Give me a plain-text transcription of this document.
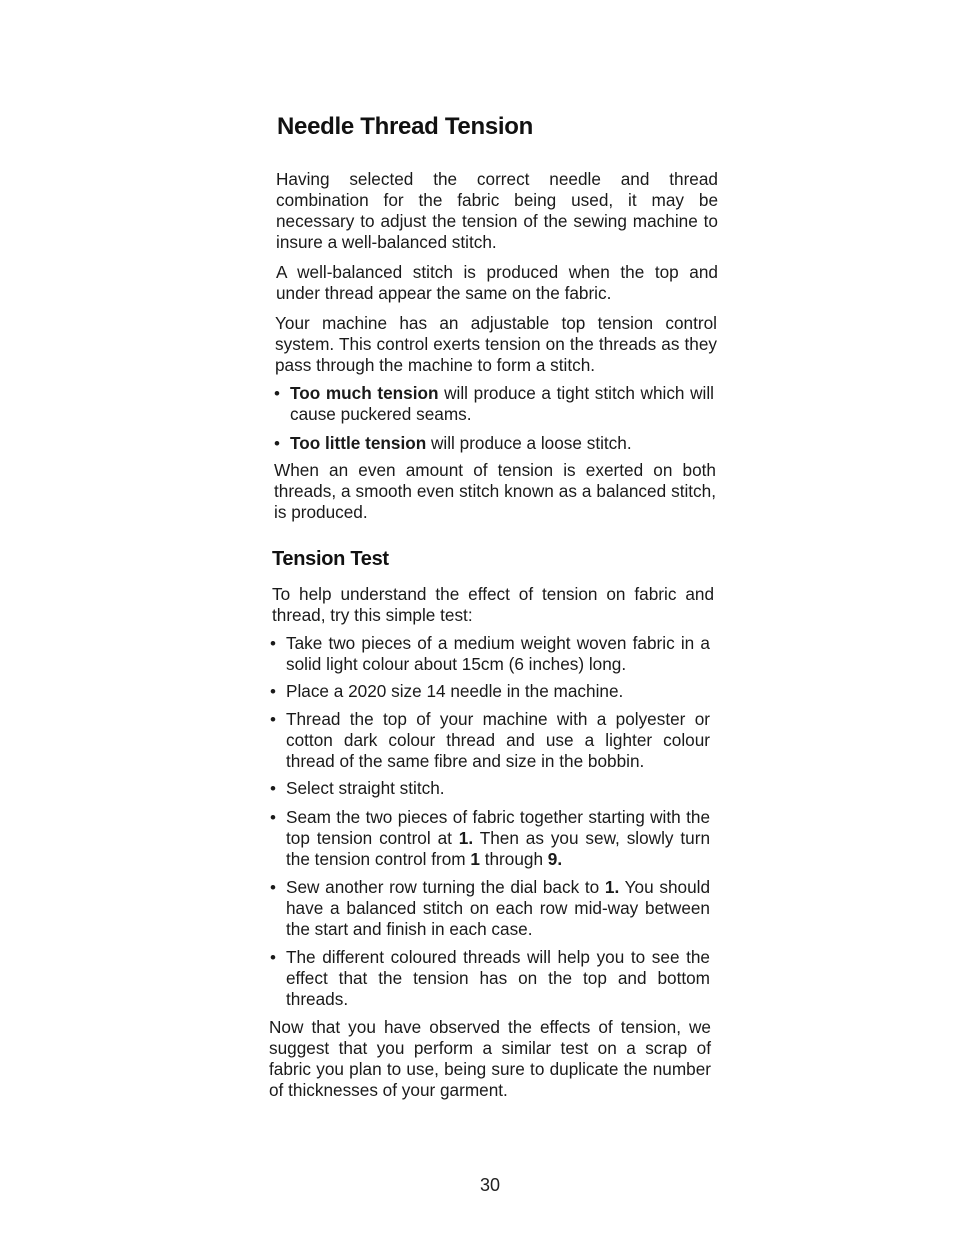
Needle Thread Tension

Having selected the correct needle and thread combination for the fabric being used, it may be necessary to adjust the tension of the sewing machine to insure a well-balanced stitch.

A well-balanced stitch is produced when the top and under thread appear the same on the fabric.

Your machine has an adjustable top tension control system. This control exerts tension on the threads as they pass through the machine to form a stitch.

• Too much tension will produce a tight stitch which will cause puckered seams.
• Too little tension will produce a loose stitch.

When an even amount of tension is exerted on both threads, a smooth even stitch known as a balanced stitch, is produced.

Tension Test

To help understand the effect of tension on fabric and thread, try this simple test:

• Take two pieces of a medium weight woven fabric in a solid light colour about 15cm (6 inches) long.
• Place a 2020 size 14 needle in the machine.
• Thread the top of your machine with a polyester or cotton dark colour thread and use a lighter colour thread of the same fibre and size in the bobbin.
• Select straight stitch.
• Seam the two pieces of fabric together starting with the top tension control at 1. Then as you sew, slowly turn the tension control from 1 through 9.
• Sew another row turning the dial back to 1. You should have a balanced stitch on each row mid-way between the start and finish in each case.
• The different coloured threads will help you to see the effect that the tension has on the top and bottom threads.

Now that you have observed the effects of tension, we suggest that you perform a similar test on a scrap of fabric you plan to use, being sure to duplicate the number of thicknesses of your garment.

30
